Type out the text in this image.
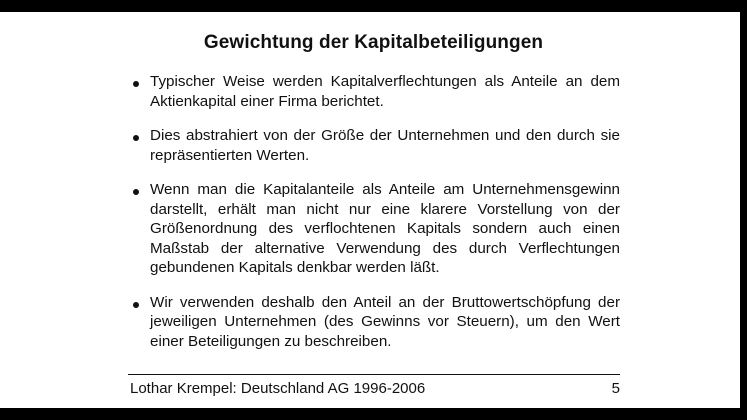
Gewichtung der Kapitalbeteiligungen
Typischer Weise werden Kapitalverflechtungen als Anteile an dem Aktienkapital einer Firma berichtet.
Dies abstrahiert von der Größe der Unternehmen und den durch sie repräsentierten Werten.
Wenn man die Kapitalanteile als Anteile am Unternehmensgewinn darstellt, erhält man nicht nur eine klarere Vorstellung von der Größenordnung des verflochtenen Kapitals sondern auch einen Maßstab der alternative Verwendung des durch Verflechtungen gebundenen Kapitals denkbar werden läßt.
Wir verwenden deshalb den Anteil an der Bruttowertschöpfung der jeweiligen Unternehmen (des Gewinns vor Steuern), um den Wert einer Beteiligungen zu beschreiben.
Lothar Krempel: Deutschland AG 1996-2006	5
